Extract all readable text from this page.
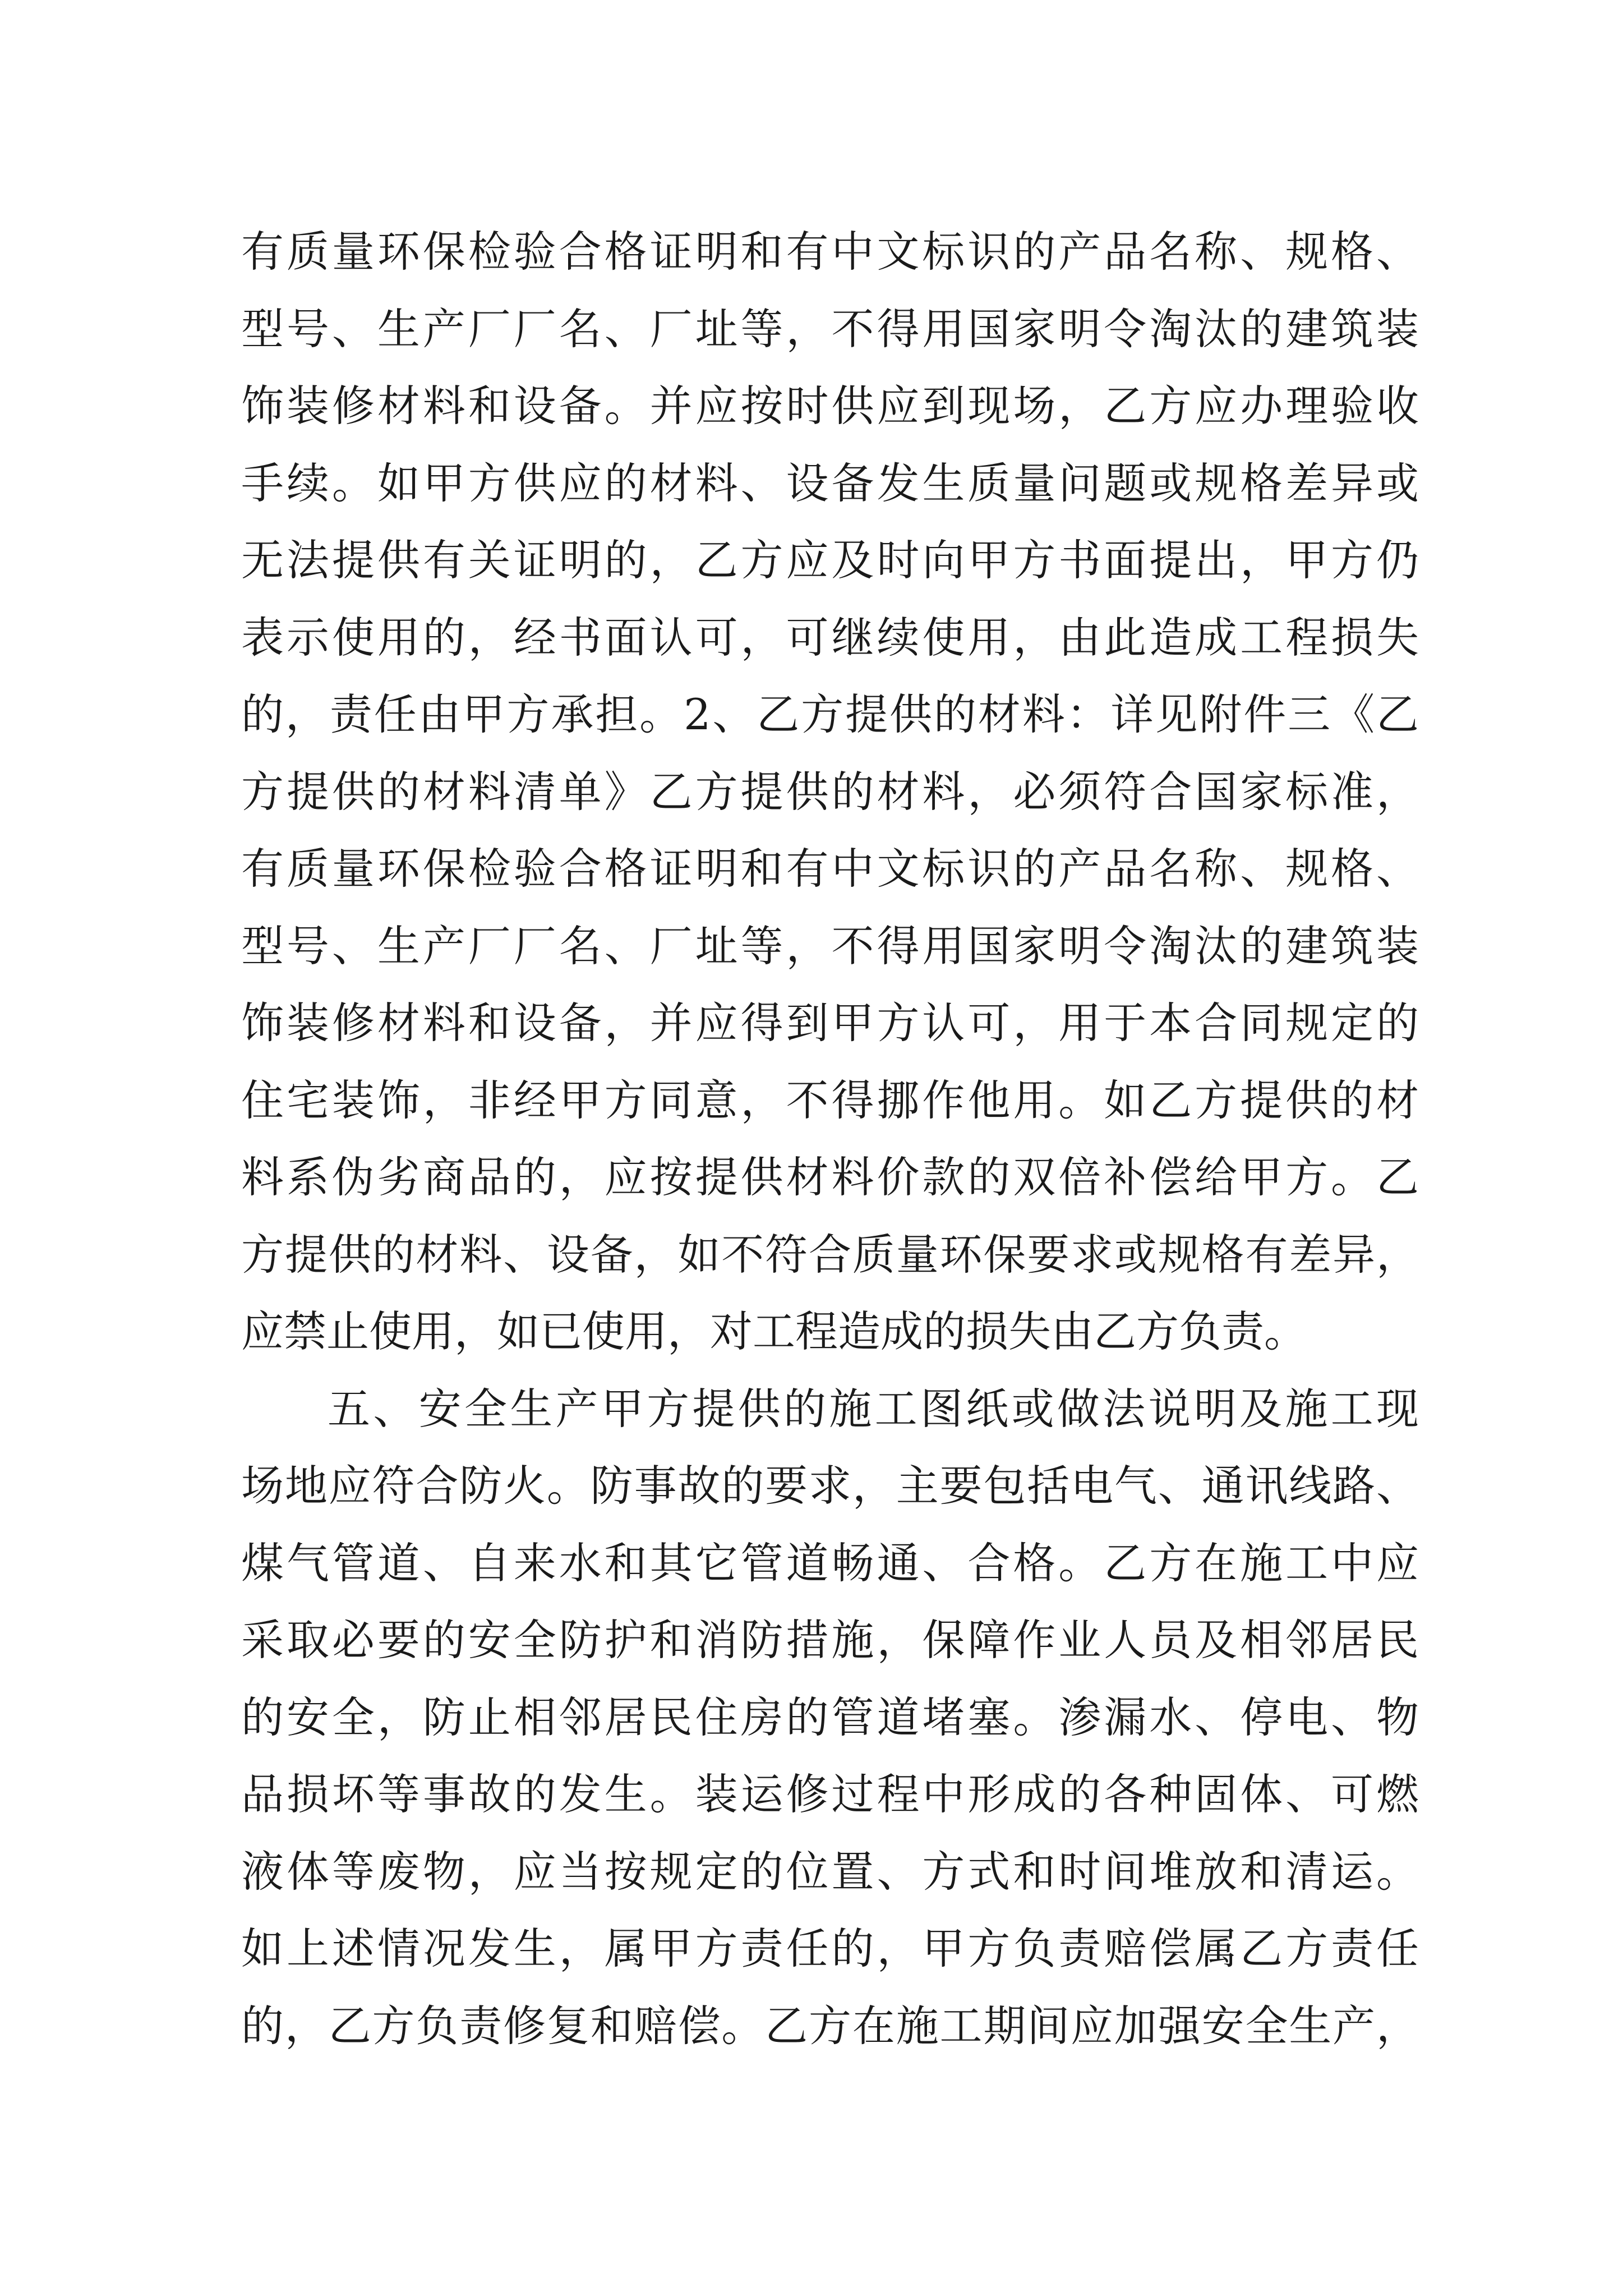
有质量环保检验合格证明和有中文标识的产品名称、规格、
型号、生产厂厂名、厂址等，不得用国家明令淘汰的建筑装
饰装修材料和设备。并应按时供应到现场，乙方应办理验收
手续。如甲方供应的材料、设备发生质量问题或规格差异或
无法提供有关证明的，乙方应及时向甲方书面提出，甲方仍
表示使用的，经书面认可，可继续使用，由此造成工程损失
的，责任由甲方承担。2、乙方提供的材料：详见附件三《乙
方提供的材料清单》乙方提供的材料，必须符合国家标准，
有质量环保检验合格证明和有中文标识的产品名称、规格、
型号、生产厂厂名、厂址等，不得用国家明令淘汰的建筑装
饰装修材料和设备，并应得到甲方认可，用于本合同规定的
住宅装饰，非经甲方同意，不得挪作他用。如乙方提供的材
料系伪劣商品的，应按提供材料价款的双倍补偿给甲方。乙
方提供的材料、设备，如不符合质量环保要求或规格有差异，
应禁止使用，如已使用，对工程造成的损失由乙方负责。
五、安全生产甲方提供的施工图纸或做法说明及施工现
场地应符合防火。防事故的要求，主要包括电气、通讯线路、
煤气管道、自来水和其它管道畅通、合格。乙方在施工中应
采取必要的安全防护和消防措施，保障作业人员及相邻居民
的安全，防止相邻居民住房的管道堵塞。渗漏水、停电、物
品损坏等事故的发生。装运修过程中形成的各种固体、可燃
液体等废物，应当按规定的位置、方式和时间堆放和清运。
如上述情况发生，属甲方责任的，甲方负责赔偿属乙方责任
的，乙方负责修复和赔偿。乙方在施工期间应加强安全生产，
